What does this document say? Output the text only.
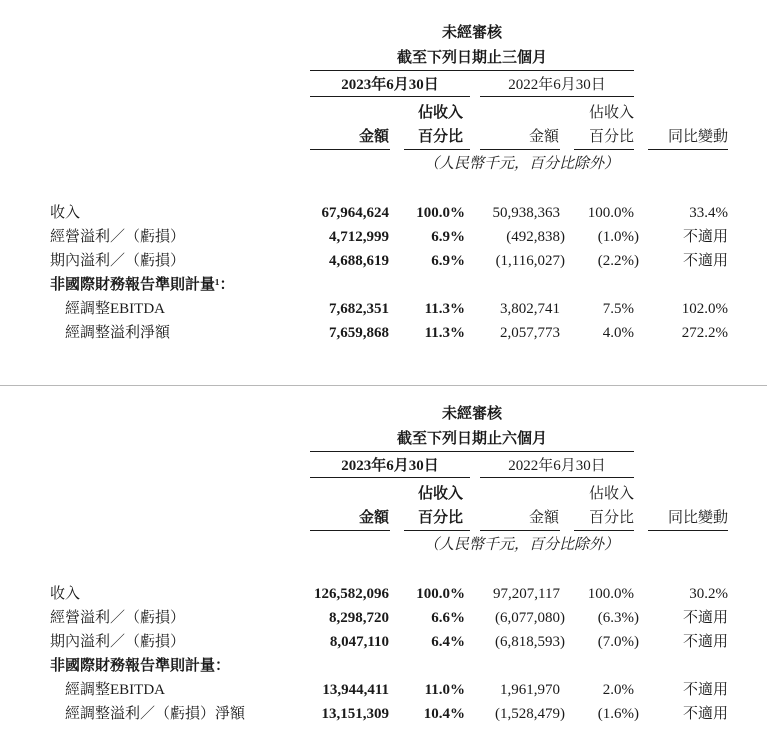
未經審核
截至下列日期止三個月
2023年6月30日	2022年6月30日
佔收入
百分比
金額
佔收入
百分比
金額	同比變動
（人民幣千元，百分比除外）
收入	67,964,624 100.0% 50,938,363 100.0%	33.4%
經營溢利／（虧損）	4,712,999	6.9%	(492,838) (1.0%)	不適用
期內溢利／（虧損）	4,688,619	6.9% (1,116,027) (2.2%)	不適用
非國際財務報告準則計量¹：
經調整EBITDA	7,682,351 11.3% 3,802,741	7.5%	102.0%
經調整溢利淨額	7,659,868 11.3% 2,057,773	4.0%	272.2%
未經審核
截至下列日期止六個月
2023年6月30日	2022年6月30日
佔收入
百分比
金額
佔收入
百分比
金額	同比變動
（人民幣千元，百分比除外）
收入	126,582,096 100.0% 97,207,117 100.0%	30.2%
經營溢利／（虧損）	8,298,720	6.6% (6,077,080) (6.3%)	不適用
期內溢利／（虧損）	8,047,110	6.4% (6,818,593) (7.0%)	不適用
非國際財務報告準則計量：
經調整EBITDA	13,944,411 11.0% 1,961,970	2.0%	不適用
經調整溢利／（虧損）淨額	13,151,309 10.4% (1,528,479) (1.6%)	不適用
